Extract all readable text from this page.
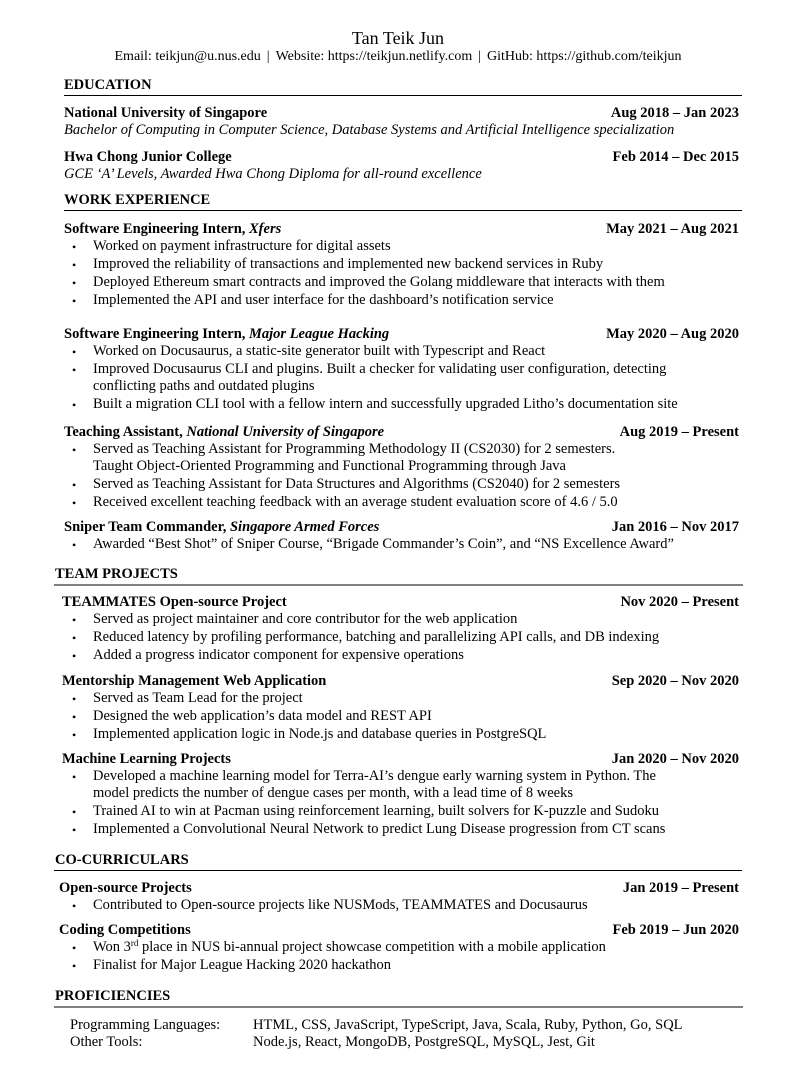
Tan Teik Jun
Email: teikjun@u.nus.edu | Website: https://teikjun.netlify.com | GitHub: https://github.com/teikjun
EDUCATION
National University of Singapore	Aug 2018 – Jan 2023
Bachelor of Computing in Computer Science, Database Systems and Artificial Intelligence specialization
Hwa Chong Junior College	Feb 2014 – Dec 2015
GCE ‘A’ Levels, Awarded Hwa Chong Diploma for all-round excellence
WORK EXPERIENCE
Software Engineering Intern, Xfers	May 2021 – Aug 2021
• Worked on payment infrastructure for digital assets
• Improved the reliability of transactions and implemented new backend services in Ruby
• Deployed Ethereum smart contracts and improved the Golang middleware that interacts with them
• Implemented the API and user interface for the dashboard’s notification service
Software Engineering Intern, Major League Hacking	May 2020 – Aug 2020
• Worked on Docusaurus, a static-site generator built with Typescript and React
• Improved Docusaurus CLI and plugins. Built a checker for validating user configuration, detecting
conflicting paths and outdated plugins
• Built a migration CLI tool with a fellow intern and successfully upgraded Litho’s documentation site
Teaching Assistant, National University of Singapore	Aug 2019 – Present
• Served as Teaching Assistant for Programming Methodology II (CS2030) for 2 semesters.
Taught Object-Oriented Programming and Functional Programming through Java
• Served as Teaching Assistant for Data Structures and Algorithms (CS2040) for 2 semesters
• Received excellent teaching feedback with an average student evaluation score of 4.6 / 5.0
Sniper Team Commander, Singapore Armed Forces	Jan 2016 – Nov 2017
• Awarded “Best Shot” of Sniper Course, “Brigade Commander’s Coin”, and “NS Excellence Award”
TEAM PROJECTS
TEAMMATES Open-source Project	Nov 2020 – Present
• Served as project maintainer and core contributor for the web application
• Reduced latency by profiling performance, batching and parallelizing API calls, and DB indexing
• Added a progress indicator component for expensive operations
Mentorship Management Web Application	Sep 2020 – Nov 2020
• Served as Team Lead for the project
• Designed the web application’s data model and REST API
• Implemented application logic in Node.js and database queries in PostgreSQL
Machine Learning Projects	Jan 2020 – Nov 2020
• Developed a machine learning model for Terra-AI’s dengue early warning system in Python. The
model predicts the number of dengue cases per month, with a lead time of 8 weeks
• Trained AI to win at Pacman using reinforcement learning, built solvers for K-puzzle and Sudoku
• Implemented a Convolutional Neural Network to predict Lung Disease progression from CT scans
CO-CURRICULARS
Open-source Projects	Jan 2019 – Present
• Contributed to Open-source projects like NUSMods, TEAMMATES and Docusaurus
Coding Competitions	Feb 2019 – Jun 2020
• Won 3rd place in NUS bi-annual project showcase competition with a mobile application
• Finalist for Major League Hacking 2020 hackathon
PROFICIENCIES
Programming Languages: HTML, CSS, JavaScript, TypeScript, Java, Scala, Ruby, Python, Go, SQL
Other Tools:	Node.js, React, MongoDB, PostgreSQL, MySQL, Jest, Git
